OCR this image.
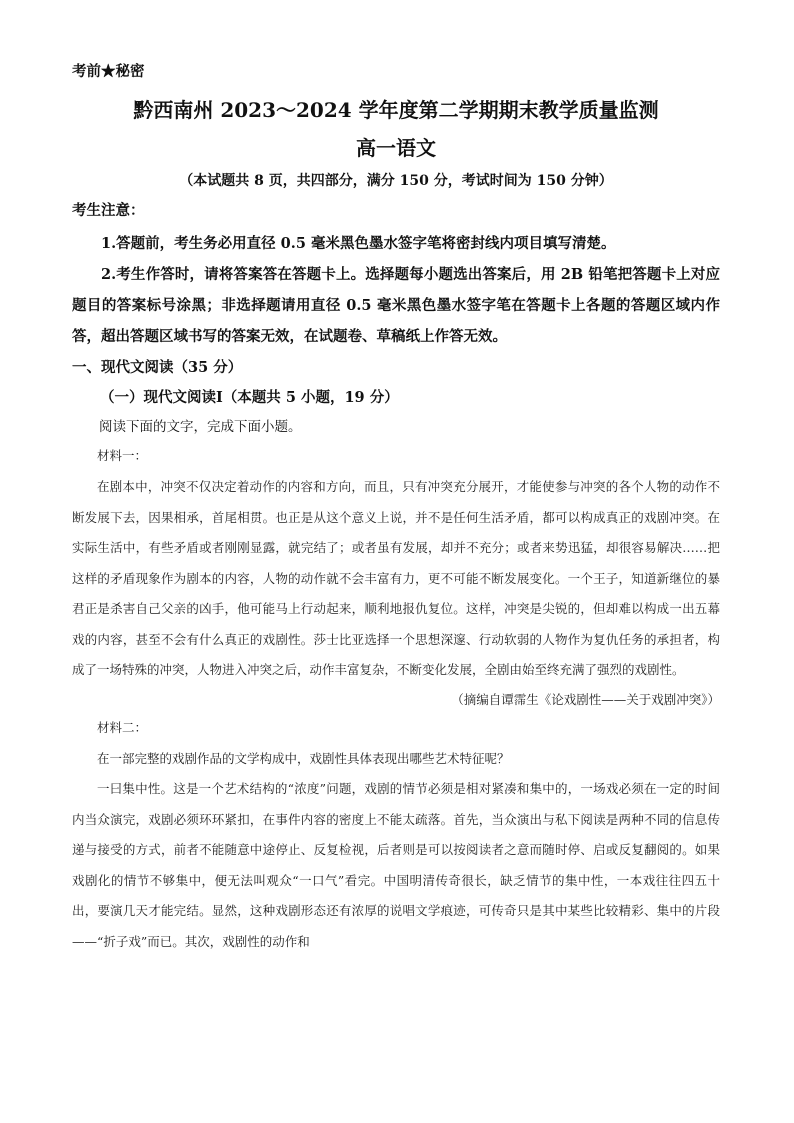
考前★秘密

黔西南州 2023～2024 学年度第二学期期末教学质量监测
高一语文

（本试题共 8 页，共四部分，满分 150 分，考试时间为 150 分钟）

考生注意：

1.答题前，考生务必用直径 0.5 毫米黑色墨水签字笔将密封线内项目填写清楚。

2.考生作答时，请将答案答在答题卡上。选择题每小题选出答案后，用 2B 铅笔把答题卡上对应题目的答案标号涂黑；非选择题请用直径 0.5 毫米黑色墨水签字笔在答题卡上各题的答题区域内作答，超出答题区域书写的答案无效，在试题卷、草稿纸上作答无效。

一、现代文阅读（35 分）

（一）现代文阅读Ⅰ（本题共 5 小题，19 分）

阅读下面的文字，完成下面小题。

材料一：

在剧本中，冲突不仅决定着动作的内容和方向，而且，只有冲突充分展开，才能使参与冲突的各个人物的动作不断发展下去，因果相承，首尾相贯。也正是从这个意义上说，并不是任何生活矛盾，都可以构成真正的戏剧冲突。在实际生活中，有些矛盾或者刚刚显露，就完结了；或者虽有发展，却并不充分；或者来势迅猛，却很容易解决……把这样的矛盾现象作为剧本的内容，人物的动作就不会丰富有力，更不可能不断发展变化。一个王子，知道新继位的暴君正是杀害自己父亲的凶手，他可能马上行动起来，顺利地报仇复位。这样，冲突是尖锐的，但却难以构成一出五幕戏的内容，甚至不会有什么真正的戏剧性。莎士比亚选择一个思想深邃、行动软弱的人物作为复仇任务的承担者，构成了一场特殊的冲突，人物进入冲突之后，动作丰富复杂，不断变化发展，全剧由始至终充满了强烈的戏剧性。

（摘编自谭霈生《论戏剧性——关于戏剧冲突》）

材料二：

在一部完整的戏剧作品的文学构成中，戏剧性具体表现出哪些艺术特征呢？

一曰集中性。这是一个艺术结构的“浓度”问题，戏剧的情节必须是相对紧凑和集中的，一场戏必须在一定的时间内当众演完，戏剧必须环环紧扣，在事件内容的密度上不能太疏落。首先，当众演出与私下阅读是两种不同的信息传递与接受的方式，前者不能随意中途停止、反复检视，后者则是可以按阅读者之意而随时停、启或反复翻阅的。如果戏剧化的情节不够集中，便无法叫观众“一口气”看完。中国明清传奇很长，缺乏情节的集中性，一本戏往往四五十出，要演几天才能完结。显然，这种戏剧形态还有浓厚的说唱文学痕迹，可传奇只是其中某些比较精彩、集中的片段——“折子戏”而已。其次，戏剧性的动作和
